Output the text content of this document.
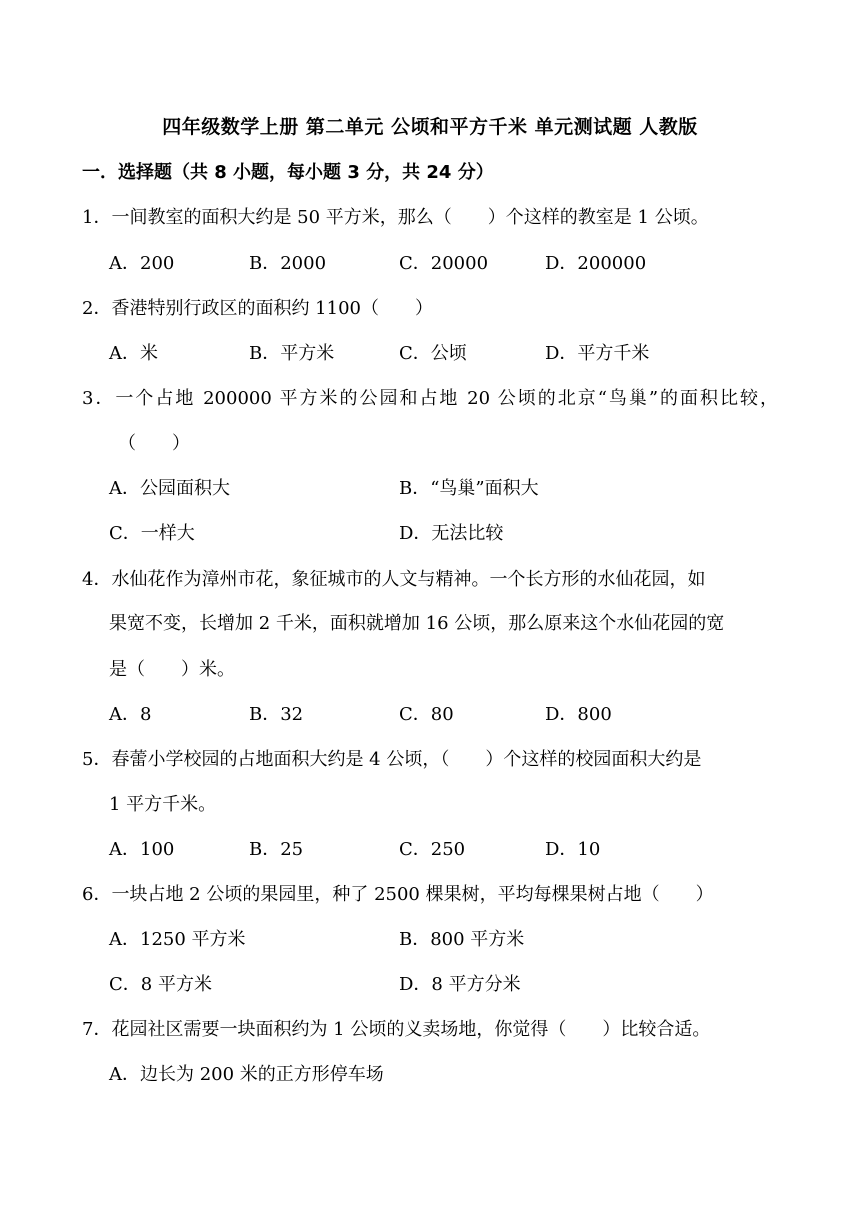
四年级数学上册 第二单元 公顷和平方千米 单元测试题 人教版
一．选择题（共 8 小题，每小题 3 分，共 24 分）
1．一间教室的面积大约是 50 平方米，那么（　　）个这样的教室是 1 公顷。
A．200	B．2000	C．20000	D．200000
2．香港特别行政区的面积约 1100（　　）
A．米	B．平方米	C．公顷	D．平方千米
3．一个占地 200000 平方米的公园和占地 20 公顷的北京“鸟巢”的面积比较，
（　　）
A．公园面积大	B．“鸟巢”面积大
C．一样大	D．无法比较
4．水仙花作为漳州市花，象征城市的人文与精神。一个长方形的水仙花园，如
果宽不变，长增加 2 千米，面积就增加 16 公顷，那么原来这个水仙花园的宽
是（　　）米。
A．8	B．32	C．80	D．800
5．春蕾小学校园的占地面积大约是 4 公顷，（　　）个这样的校园面积大约是
1 平方千米。
A．100	B．25	C．250	D．10
6．一块占地 2 公顷的果园里，种了 2500 棵果树，平均每棵果树占地（　　）
A．1250 平方米	B．800 平方米
C．8 平方米	D．8 平方分米
7．花园社区需要一块面积约为 1 公顷的义卖场地，你觉得（　　）比较合适。
A．边长为 200 米的正方形停车场
